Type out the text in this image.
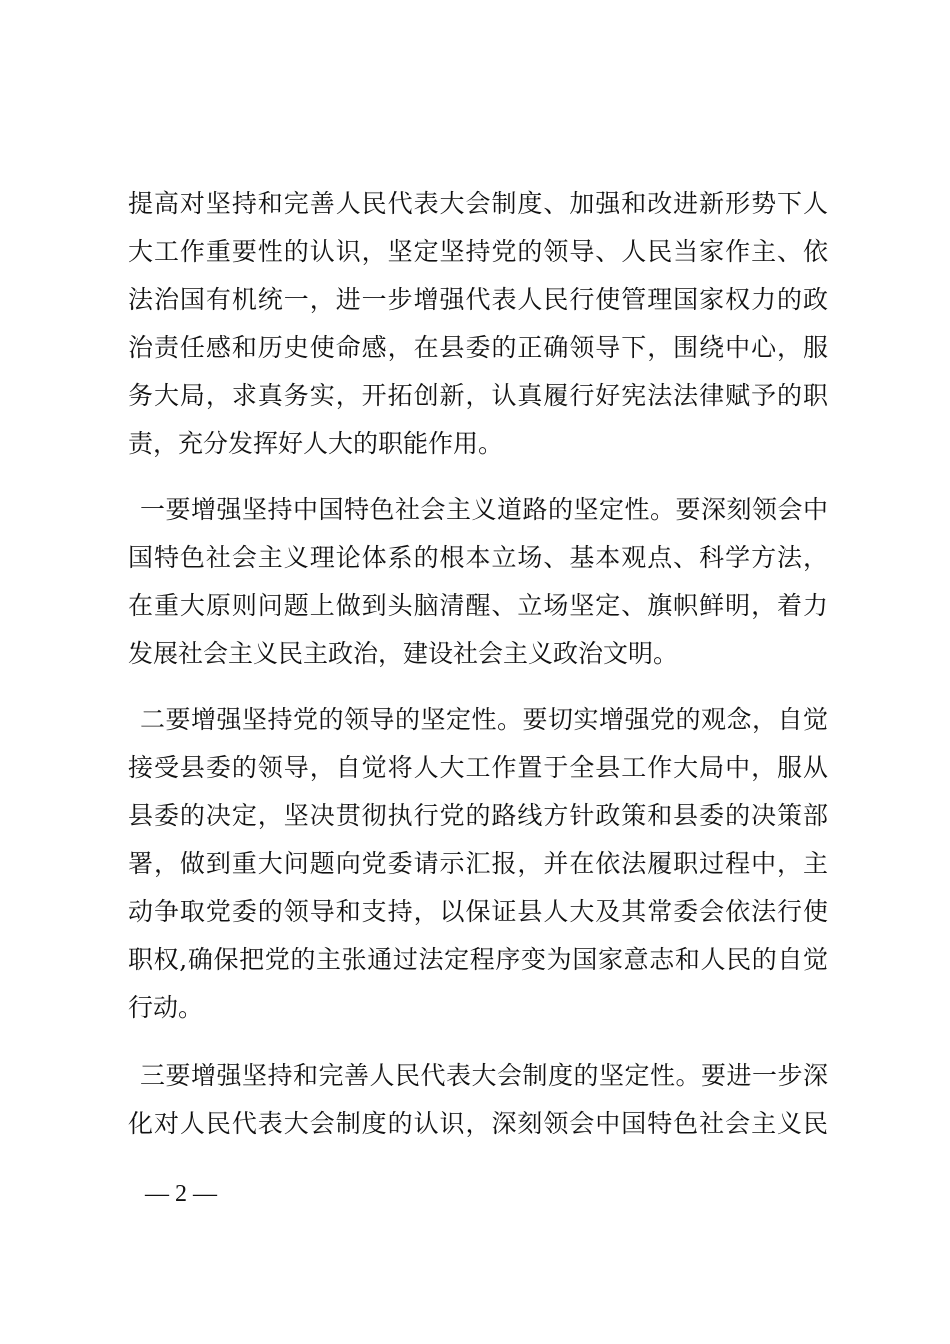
提高对坚持和完善人民代表大会制度、加强和改进新形势下人
大工作重要性的认识，坚定坚持党的领导、人民当家作主、依
法治国有机统一，进一步增强代表人民行使管理国家权力的政
治责任感和历史使命感，在县委的正确领导下，围绕中心，服
务大局，求真务实，开拓创新，认真履行好宪法法律赋予的职
责，充分发挥好人大的职能作用。
一要增强坚持中国特色社会主义道路的坚定性。要深刻领会中
国特色社会主义理论体系的根本立场、基本观点、科学方法，
在重大原则问题上做到头脑清醒、立场坚定、旗帜鲜明，着力
发展社会主义民主政治，建设社会主义政治文明。
二要增强坚持党的领导的坚定性。要切实增强党的观念，自觉
接受县委的领导，自觉将人大工作置于全县工作大局中，服从
县委的决定，坚决贯彻执行党的路线方针政策和县委的决策部
署，做到重大问题向党委请示汇报，并在依法履职过程中，主
动争取党委的领导和支持，以保证县人大及其常委会依法行使
职权,确保把党的主张通过法定程序变为国家意志和人民的自觉
行动。
三要增强坚持和完善人民代表大会制度的坚定性。要进一步深
化对人民代表大会制度的认识，深刻领会中国特色社会主义民
— 2 —
